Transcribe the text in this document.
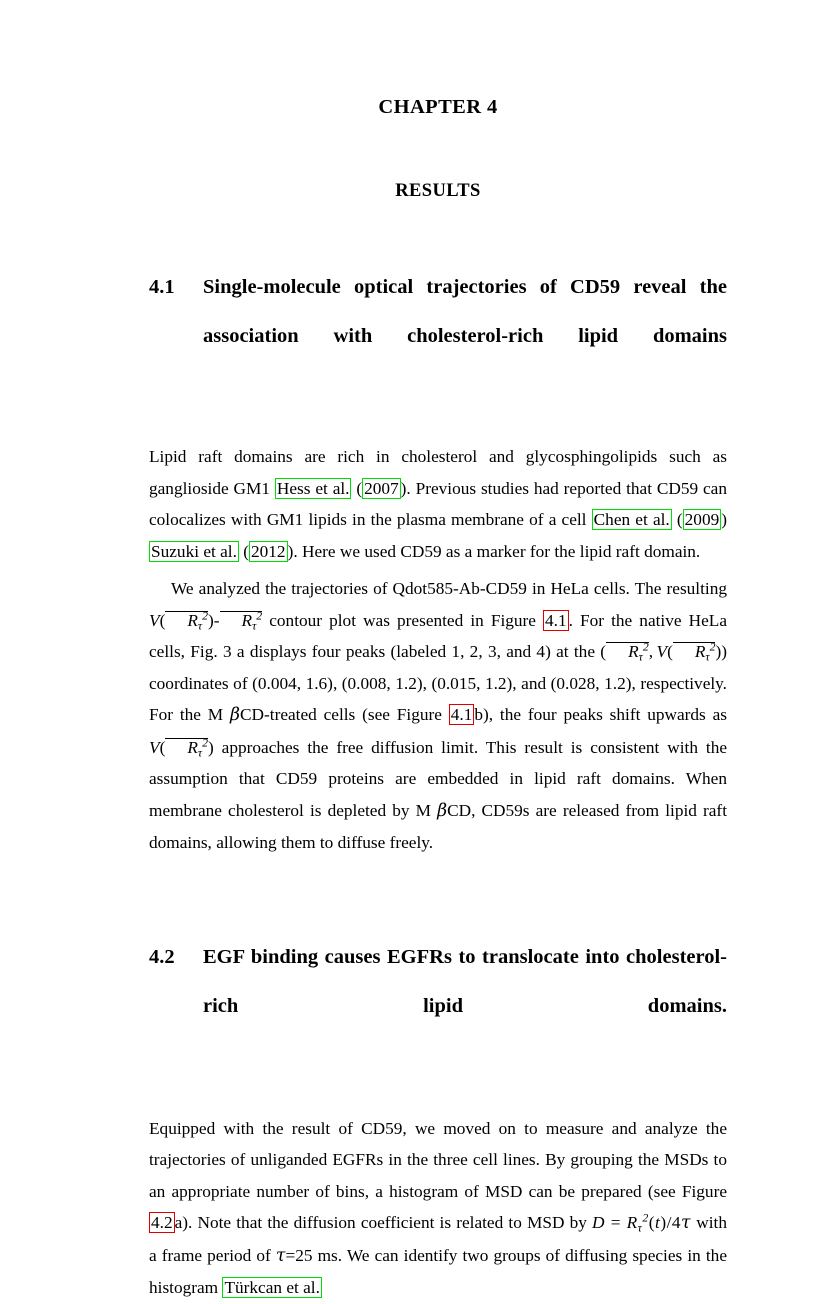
CHAPTER 4
RESULTS
4.1	Single-molecule optical trajectories of CD59 reveal the association with cholesterol-rich lipid domains

Lipid raft domains are rich in cholesterol and glycosphingolipids such as ganglioside GM1 Hess et al. ( 2007 ). Previous studies had reported that CD59 can colocalizes with GM1 lipids in the plasma membrane of a cell Chen et al. ( 2009 ) Suzuki et al. ( 2012 ). Here we used CD59 as a marker for the lipid raft domain.

We analyzed the trajectories of Qdot585-Ab-CD59 in HeLa cells. The resulting V( $R_\tau^2)-$ $R_\tau^2$ contour plot was presented in Figure 4.1 . For the native HeLa cells, Fig. 3 a displays four peaks (labeled 1, 2, 3, and 4) at the ( $R_\tau^2$, V( $R_\tau^2$)) coordinates of (0.004, 1.6), (0.008, 1.2), (0.015, 1.2), and (0.028, 1.2), respectively. For the M βCD-treated cells (see Figure 4.1 b), the four peaks shift upwards as V( $R_\tau^2$) approaches the free diffusion limit. This result is consistent with the assumption that CD59 proteins are embedded in lipid raft domains. When membrane cholesterol is depleted by M βCD, CD59s are released from lipid raft domains, allowing them to diffuse freely.

4.2	EGF binding causes EGFRs to translocate into cholesterol-rich lipid domains.

Equipped with the result of CD59, we moved on to measure and analyze the trajectories of unliganded EGFRs in the three cell lines. By grouping the MSDs to an appropriate number of bins, a histogram of MSD can be prepared (see Figure 4.2 a). Note that the diffusion coefficient is related to MSD by $D = R_\tau^2(t)/4\tau$ with a frame period of τ=25 ms. We can identify two groups of diffusing species in the histogram Türkcan et al.
